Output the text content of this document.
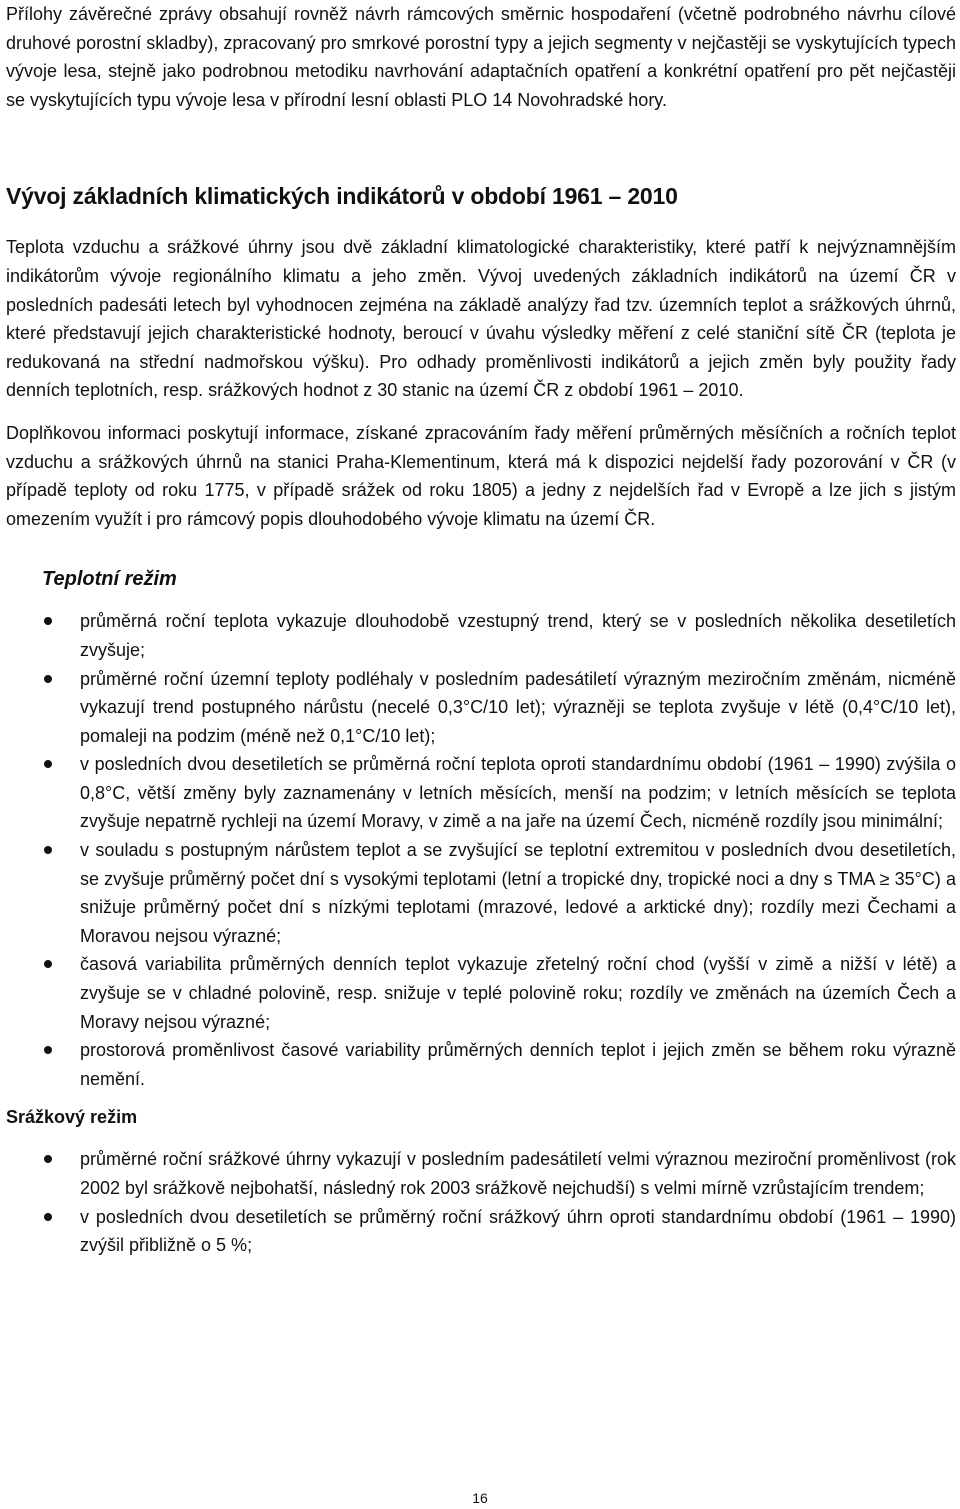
Přílohy závěrečné zprávy obsahují rovněž návrh rámcových směrnic hospodaření (včetně podrobného návrhu cílové druhové porostní skladby), zpracovaný pro smrkové porostní typy a jejich segmenty v nejčastěji se vyskytujících typech vývoje lesa, stejně jako podrobnou metodiku navrhování adaptačních opatření a konkrétní opatření pro pět nejčastěji se vyskytujících typu vývoje lesa v přírodní lesní oblasti PLO 14 Novohradské hory.

Vývoj základních klimatických indikátorů v období 1961 – 2010

Teplota vzduchu a srážkové úhrny jsou dvě základní klimatologické charakteristiky, které patří k nejvýznamnějším indikátorům vývoje regionálního klimatu a jeho změn. Vývoj uvedených základních indikátorů na území ČR v posledních padesáti letech byl vyhodnocen zejména na základě analýzy řad tzv. územních teplot a srážkových úhrnů, které představují jejich charakteristické hodnoty, beroucí v úvahu výsledky měření z celé staniční sítě ČR (teplota je redukovaná na střední nadmořskou výšku). Pro odhady proměnlivosti indikátorů a jejich změn byly použity řady denních teplotních, resp. srážkových hodnot z 30 stanic na území ČR z období 1961 – 2010.

Doplňkovou informaci poskytují informace, získané zpracováním řady měření průměrných měsíčních a ročních teplot vzduchu a srážkových úhrnů na stanici Praha-Klementinum, která má k dispozici nejdelší řady pozorování v ČR (v případě teploty od roku 1775, v případě srážek od roku 1805) a jedny z nejdelších řad v Evropě a lze jich s jistým omezením využít i pro rámcový popis dlouhodobého vývoje klimatu na území ČR.

Teplotní režim
průměrná roční teplota vykazuje dlouhodobě vzestupný trend, který se v posledních několika desetiletích zvyšuje;
průměrné roční územní teploty podléhaly v posledním padesátiletí výrazným meziročním změnám, nicméně vykazují trend postupného nárůstu (necelé 0,3°C/10 let); výrazněji se teplota zvyšuje v létě (0,4°C/10 let), pomaleji na podzim (méně než 0,1°C/10 let);
v posledních dvou desetiletích se průměrná roční teplota oproti standardnímu období (1961 – 1990) zvýšila o 0,8°C, větší změny byly zaznamenány v letních měsících, menší na podzim; v letních měsících se teplota zvyšuje nepatrně rychleji na území Moravy, v zimě a na jaře na území Čech, nicméně rozdíly jsou minimální;
v souladu s postupným nárůstem teplot a se zvyšující se teplotní extremitou v posledních dvou desetiletích, se zvyšuje průměrný počet dní s vysokými teplotami (letní a tropické dny, tropické noci a dny s TMA ≥ 35°C) a snižuje průměrný počet dní s nízkými teplotami (mrazové, ledové a arktické dny); rozdíly mezi Čechami a Moravou nejsou výrazné;
časová variabilita průměrných denních teplot vykazuje zřetelný roční chod (vyšší v zimě a nižší v létě) a zvyšuje se v chladné polovině, resp. snižuje v teplé polovině roku; rozdíly ve změnách na územích Čech a Moravy nejsou výrazné;
prostorová proměnlivost časové variability průměrných denních teplot i jejich změn se během roku výrazně nemění.
Srážkový režim
průměrné roční srážkové úhrny vykazují v posledním padesátiletí velmi výraznou meziroční proměnlivost (rok 2002 byl srážkově nejbohatší, následný rok 2003 srážkově nejchudší) s velmi mírně vzrůstajícím trendem;
v posledních dvou desetiletích se průměrný roční srážkový úhrn oproti standardnímu období (1961 – 1990) zvýšil přibližně o 5 %;
16
